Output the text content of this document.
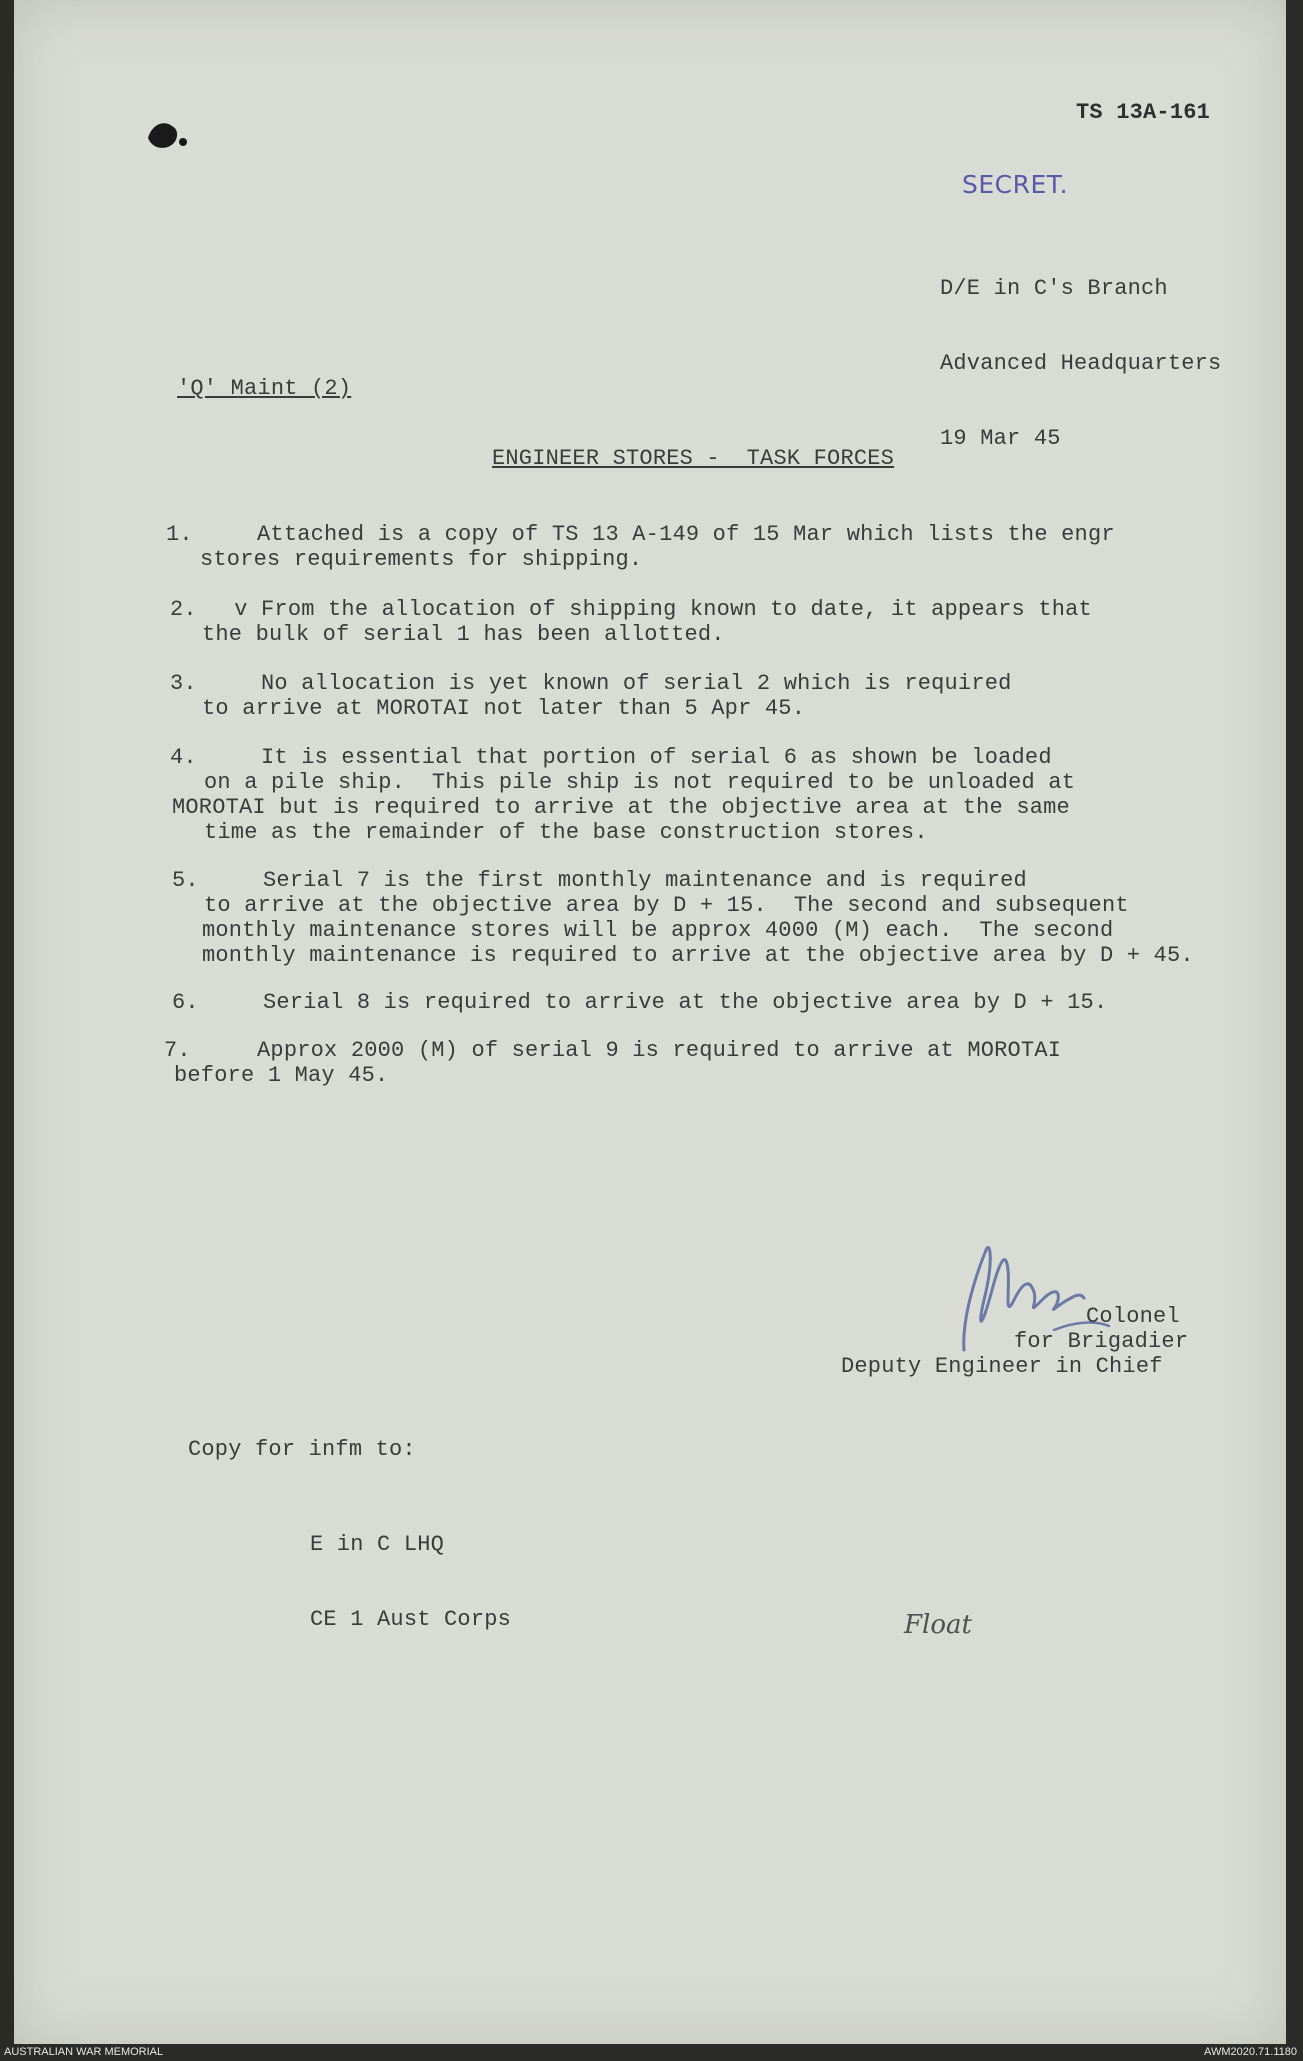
TS 13A-161
SECRET.

D/E in C's Branch

Advanced Headquarters

19 Mar 45

'Q' Maint (2)
ENGINEER STORES -  TASK FORCES
1.
Attached is a copy of TS 13 A-149 of 15 Mar which lists the engr
stores requirements for shipping.
2.
v From the allocation of shipping known to date, it appears that
the bulk of serial 1 has been allotted.
3.
No allocation is yet known of serial 2 which is required
to arrive at MOROTAI not later than 5 Apr 45.
4.
It is essential that portion of serial 6 as shown be loaded
on a pile ship.  This pile ship is not required to be unloaded at
MOROTAI but is required to arrive at the objective area at the same
time as the remainder of the base construction stores.
5.
Serial 7 is the first monthly maintenance and is required
to arrive at the objective area by D + 15.  The second and subsequent
monthly maintenance stores will be approx 4000 (M) each.  The second
monthly maintenance is required to arrive at the objective area by D + 45.
6.
Serial 8 is required to arrive at the objective area by D + 15.
7. Approx 2000 (M) of serial 9 is required to arrive at MOROTAI
before 1 May 45.
Colonel
for Brigadier
Deputy Engineer in Chief
Copy for infm to:

E in C LHQ

CE 1 Aust Corps

	Float
AUSTRALIAN WAR MEMORIAL	AWM2020.71.1180
